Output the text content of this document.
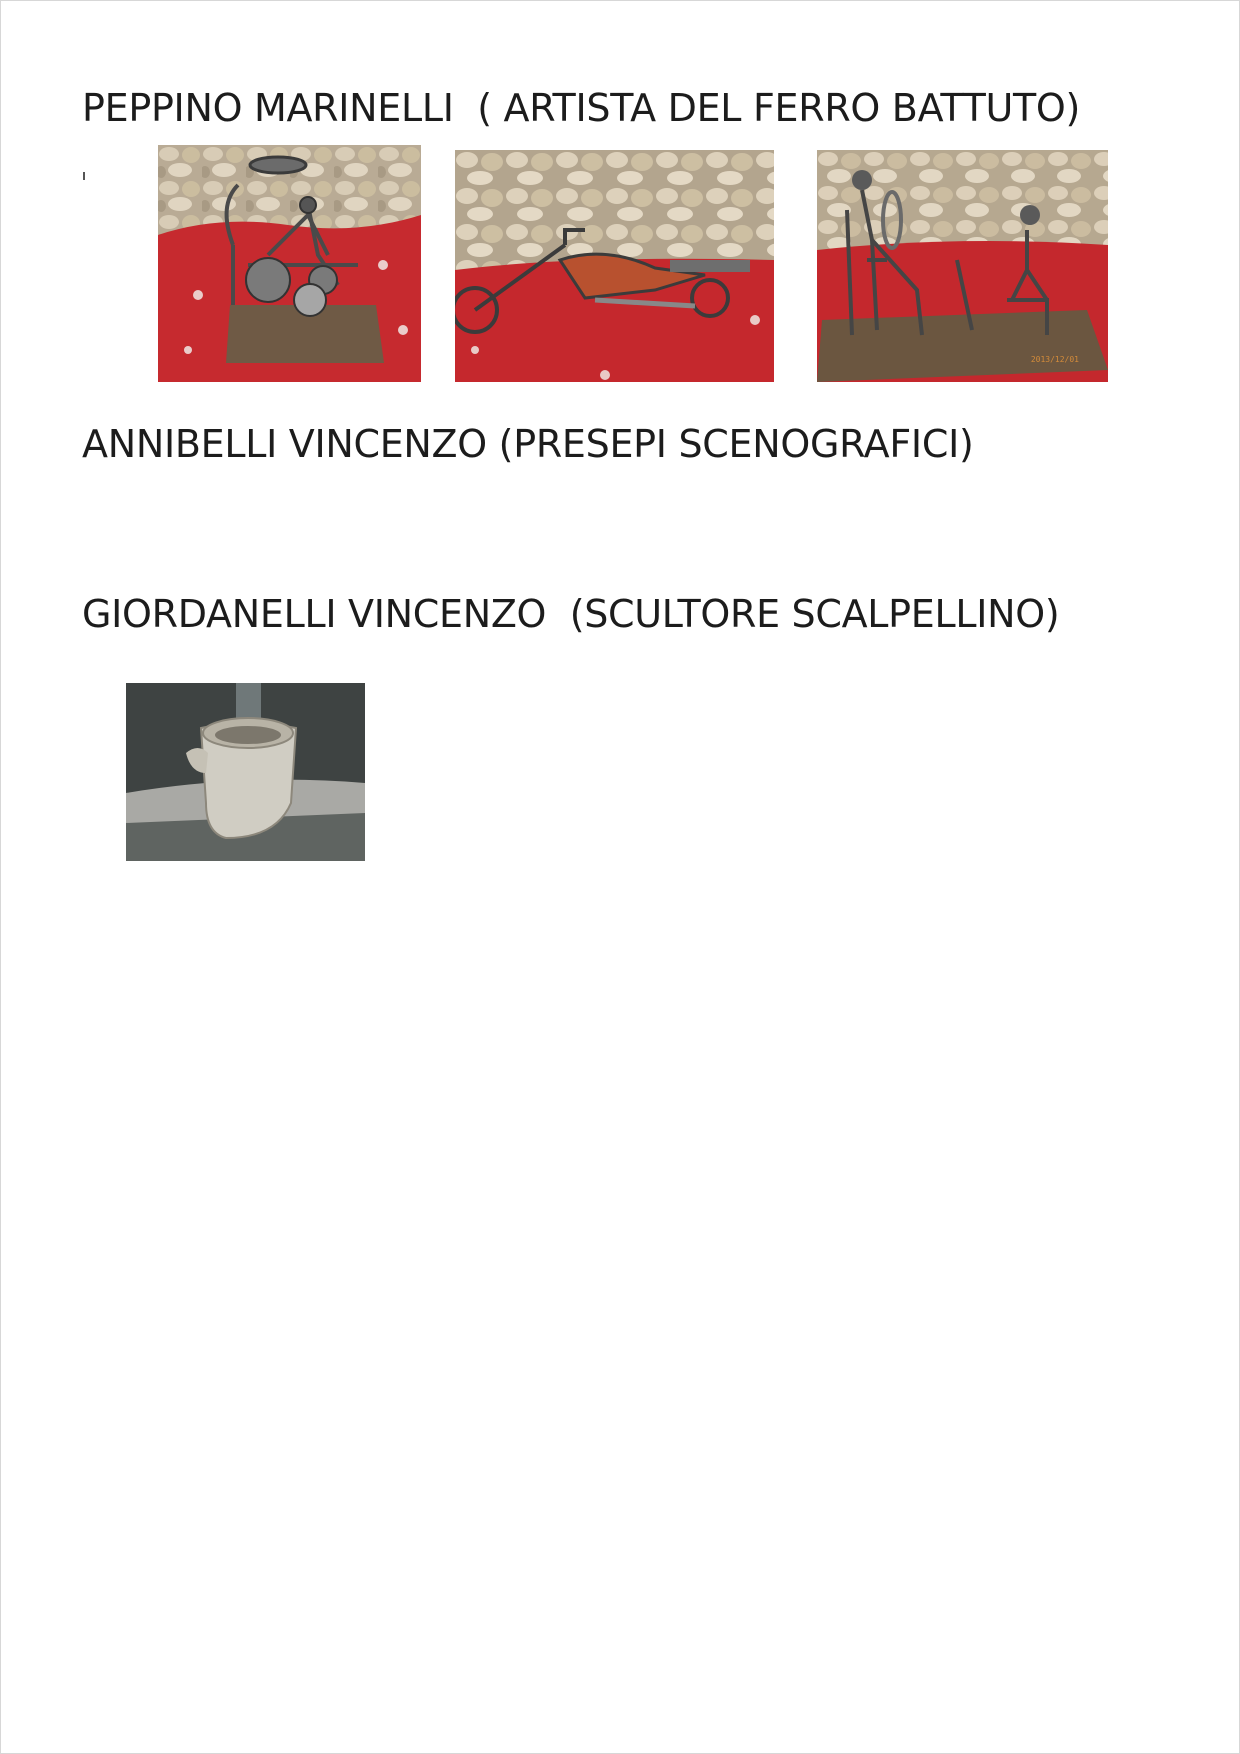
PEPPINO MARINELLI  ( ARTISTA DEL FERRO BATTUTO)
2013/12/01
ANNIBELLI VINCENZO (PRESEPI SCENOGRAFICI)
GIORDANELLI VINCENZO  (SCULTORE SCALPELLINO)
